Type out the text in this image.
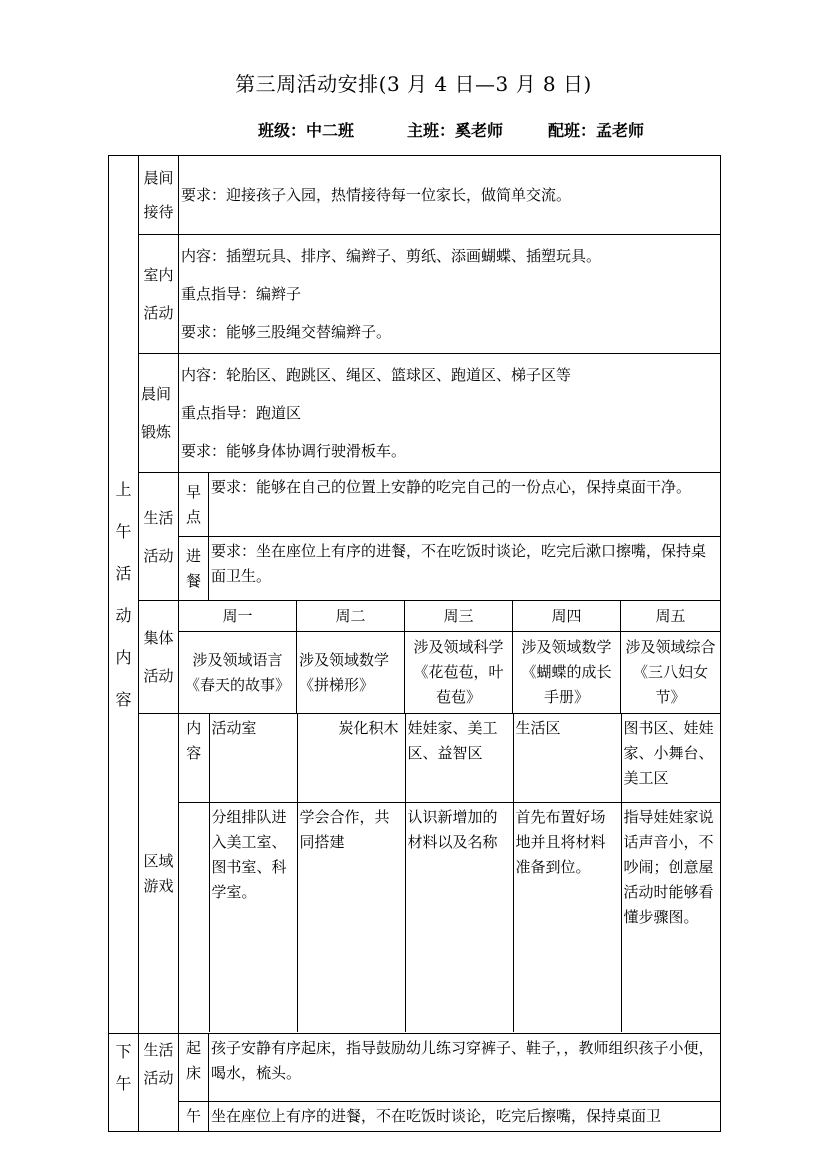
第三周活动安排(3 月 4 日—3 月 8 日)
班级：中二班	主班：奚老师	配班：孟老师
上午活动内容	晨间接待	要求：迎接孩子入园，热情接待每一位家长，做简单交流。
室内活动	
内容：插塑玩具、排序、编辫子、剪纸、添画蝴蝶、插塑玩具。
重点指导：编辫子
要求：能够三股绳交替编辫子。

晨间锻炼	
内容：轮胎区、跑跳区、绳区、篮球区、跑道区、梯子区等
重点指导：跑道区
要求：能够身体协调行驶滑板车。

生活活动	早点	要求：能够在自己的位置上安静的吃完自己的一份点心，保持桌面干净。
进餐	要求：坐在座位上有序的进餐，不在吃饭时谈论，吃完后漱口擦嘴，保持桌面卫生。
集体活动	周一	周二	周三	周四	周五
涉及领域语言《春天的故事》	涉及领域数学《拼梯形》	涉及领域科学《花苞苞，叶苞苞》	涉及领域数学《蝴蝶的成长手册》	涉及领域综合《三八妇女节》
区域游戏	
内容	活动室	炭化积木	娃娃家、美工区、益智区	生活区	图书区、娃娃家、小舞台、美工区
	分组排队进入美工室、图书室、科学室。	学会合作，共同搭建	认识新增加的材料以及名称	首先布置好场地并且将材料准备到位。	指导娃娃家说话声音小，不吵闹；创意屋活动时能够看懂步骤图。

下午	生活活动	起床	孩子安静有序起床，指导鼓励幼儿练习穿裤子、鞋子，，教师组织孩子小便，喝水，梳头。
午	坐在座位上有序的进餐，不在吃饭时谈论，吃完后擦嘴，保持桌面卫
